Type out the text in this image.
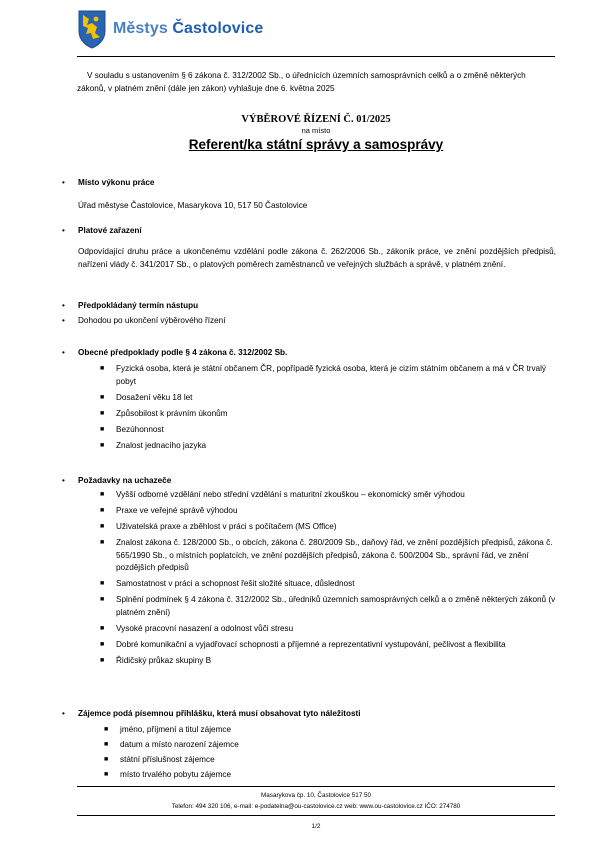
Městys Častolovice
V souladu s ustanovením § 6 zákona č. 312/2002 Sb., o úřednících územních samosprávních celků a o změně některých zákonů, v platném znění (dále jen zákon) vyhlašuje dne 6. května 2025
VÝBĚROVÉ ŘÍZENÍ Č. 01/2025
na místo
Referent/ka státní správy a samosprávy
• Místo výkonu práce
Úřad městyse Častolovice, Masarykova 10, 517 50 Častolovice
• Platové zařazení
Odpovídající druhu práce a ukončenému vzdělání podle zákona č. 262/2006 Sb., zákoník práce, ve znění pozdějších předpisů, nařízení vlády č. 341/2017 Sb., o platových poměrech zaměstnanců ve veřejných službách a správě, v platném znění.
• Předpokládaný termín nástupu
• Dohodou po ukončení výběrového řízení
• Obecné předpoklady podle § 4 zákona č. 312/2002 Sb.
■ Fyzická osoba, která je státní občanem ČR, popřípadě fyzická osoba, která je cizím státním občanem a má v ČR trvalý pobyt
■ Dosažení věku 18 let
■ Způsobilost k právním úkonům
■ Bezúhonnost
■ Znalost jednacího jazyka
• Požadavky na uchazeče
■ Vyšší odborné vzdělání nebo střední vzdělání s maturitní zkouškou – ekonomický směr výhodou
■ Praxe ve veřejné správě výhodou
■ Uživatelská praxe a zběhlost v práci s počítačem (MS Office)
■ Znalost zákona č. 128/2000 Sb., o obcích, zákona č. 280/2009 Sb., daňový řád, ve znění pozdějších předpisů, zákona č. 565/1990 Sb., o místních poplatcích, ve znění pozdějších předpisů, zákona č. 500/2004 Sb., správní řád, ve znění pozdějších předpisů
■ Samostatnost v práci a schopnost řešit složité situace, důslednost
■ Splnění podmínek § 4 zákona č. 312/2002 Sb., úředníků územních samosprávných celků a o změně některých zákonů (v platném znění)
■ Vysoké pracovní nasazení a odolnost vůči stresu
■ Dobré komunikační a vyjadřovací schopnosti a příjemné a reprezentativní vystupování, pečlivost a flexibilita
■ Řidičský průkaz skupiny B
• Zájemce podá písemnou přihlášku, která musí obsahovat tyto náležitosti
■ jméno, příjmení a titul zájemce
■ datum a místo narození zájemce
■ státní příslušnost zájemce
■ místo trvalého pobytu zájemce
Masarykova čp. 10, Častolovice 517 50
Telefon: 494 320 106, e-mail: e-podatelna@ou-castolovice.cz web: www.ou-castolovice.cz IČO: 274780
1/2
